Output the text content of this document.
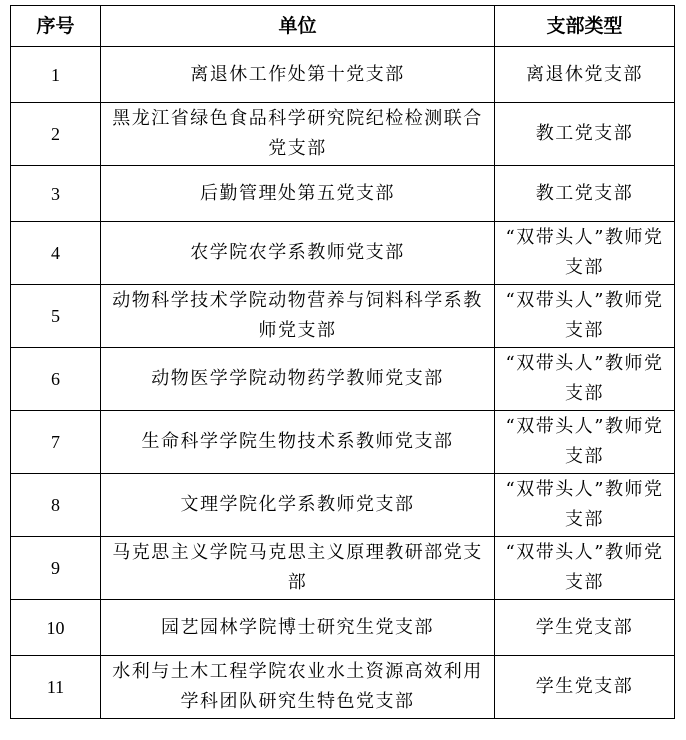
序号	单位	支部类型
1	离退休工作处第十党支部	离退休党支部
2	黑龙江省绿色食品科学研究院纪检检测联合党支部	教工党支部
3	后勤管理处第五党支部	教工党支部
4	农学院农学系教师党支部	“双带头人”教师党支部
5	动物科学技术学院动物营养与饲料科学系教师党支部	“双带头人”教师党支部
6	动物医学学院动物药学教师党支部	“双带头人”教师党支部
7	生命科学学院生物技术系教师党支部	“双带头人”教师党支部
8	文理学院化学系教师党支部	“双带头人”教师党支部
9	马克思主义学院马克思主义原理教研部党支部	“双带头人”教师党支部
10	园艺园林学院博士研究生党支部	学生党支部
11	水利与土木工程学院农业水土资源高效利用学科团队研究生特色党支部	学生党支部
